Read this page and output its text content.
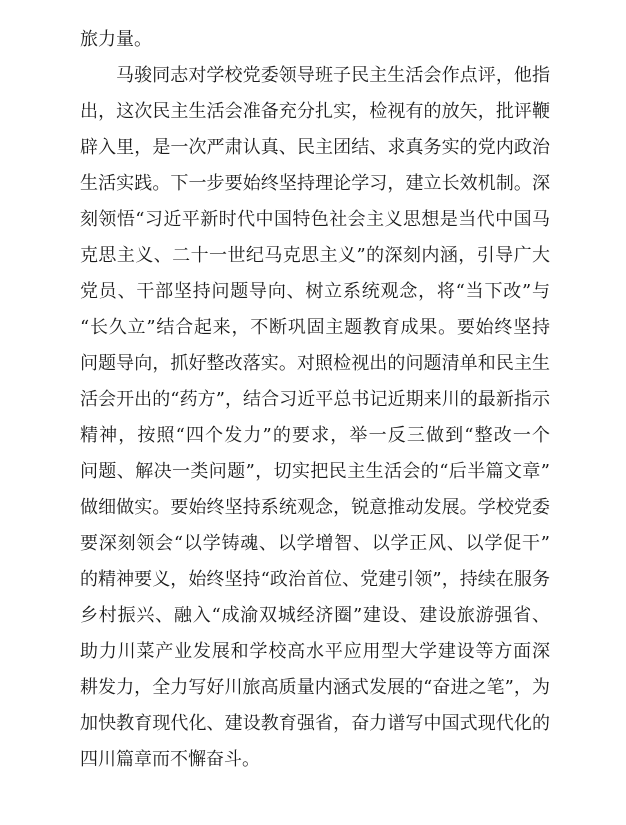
旅力量。
马骏同志对学校党委领导班子民主生活会作点评，他指
出，这次民主生活会准备充分扎实，检视有的放矢，批评鞭
辟入里，是一次严肃认真、民主团结、求真务实的党内政治
生活实践。下一步要始终坚持理论学习，建立长效机制。深
刻领悟“习近平新时代中国特色社会主义思想是当代中国马
克思主义、二十一世纪马克思主义”的深刻内涵，引导广大
党员、干部坚持问题导向、树立系统观念，将“当下改”与
“长久立”结合起来，不断巩固主题教育成果。要始终坚持
问题导向，抓好整改落实。对照检视出的问题清单和民主生
活会开出的“药方”，结合习近平总书记近期来川的最新指示
精神，按照“四个发力”的要求，举一反三做到“整改一个
问题、解决一类问题”，切实把民主生活会的“后半篇文章”
做细做实。要始终坚持系统观念，锐意推动发展。学校党委
要深刻领会“以学铸魂、以学增智、以学正风、以学促干”
的精神要义，始终坚持“政治首位、党建引领”，持续在服务
乡村振兴、融入“成渝双城经济圈”建设、建设旅游强省、
助力川菜产业发展和学校高水平应用型大学建设等方面深
耕发力，全力写好川旅高质量内涵式发展的“奋进之笔”，为
加快教育现代化、建设教育强省，奋力谱写中国式现代化的
四川篇章而不懈奋斗。
